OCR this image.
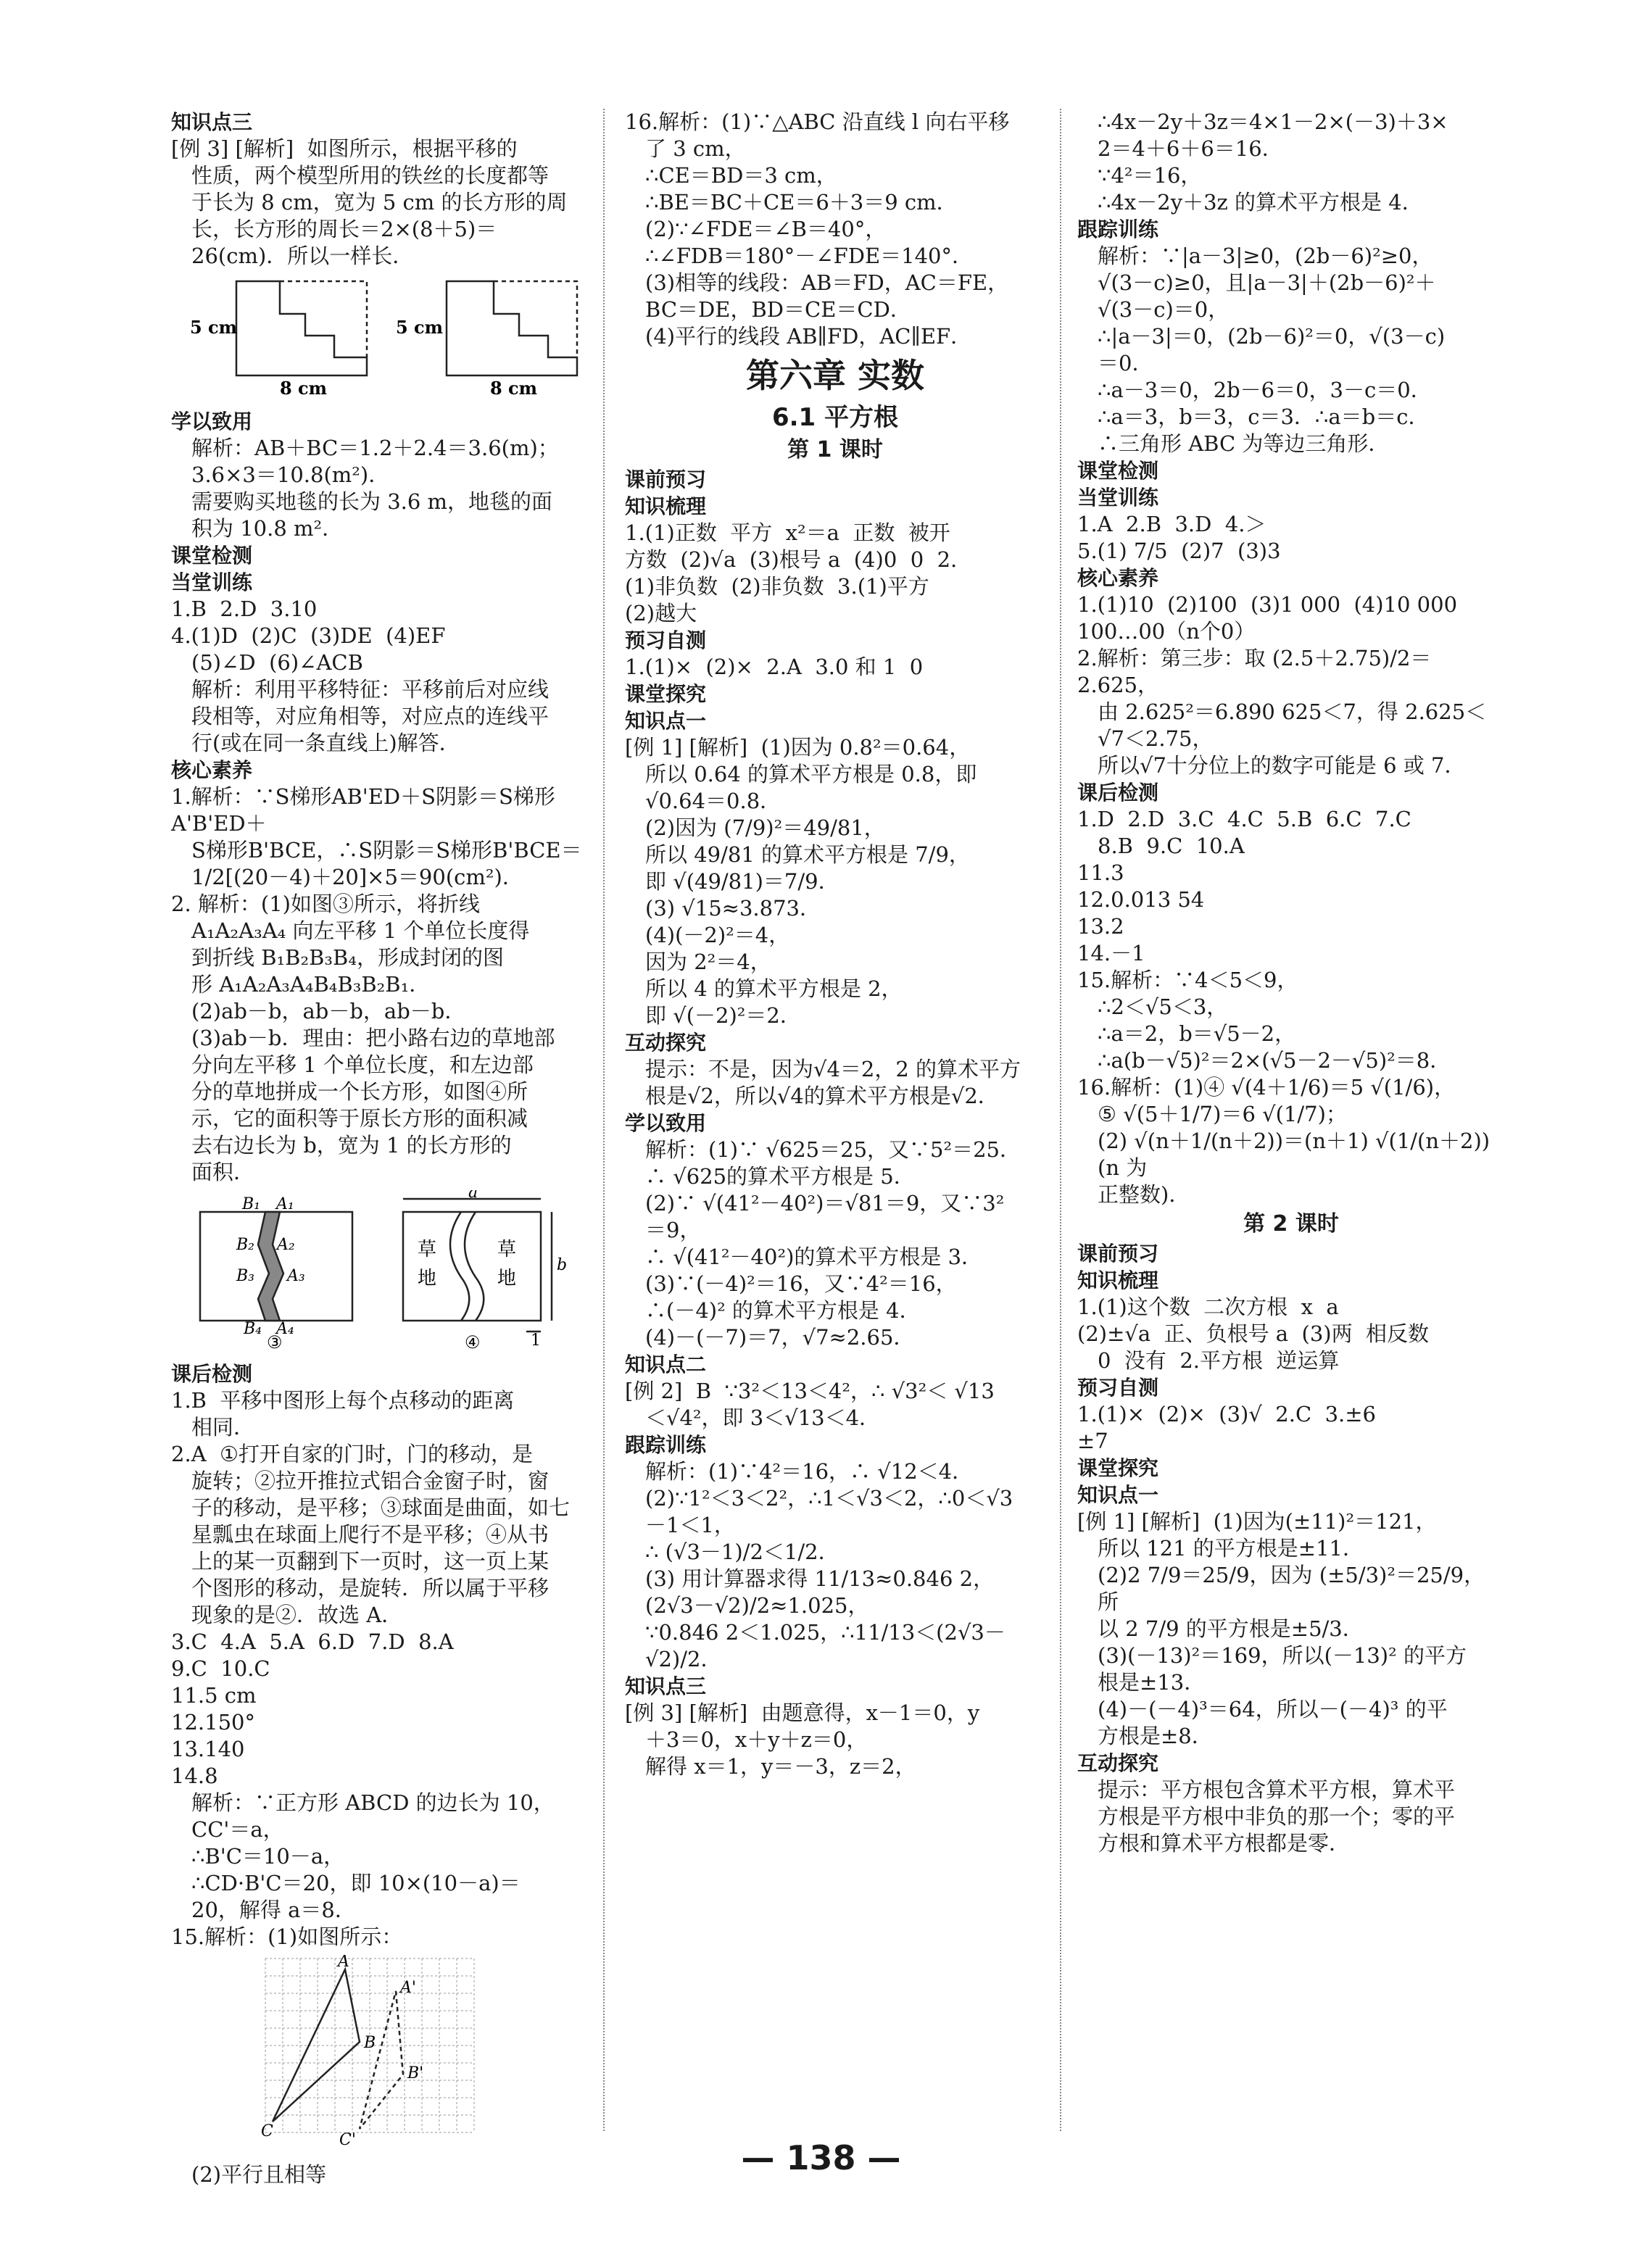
知识点三
[例 3] [解析]  如图所示，根据平移的
性质，两个模型所用的铁丝的长度都等
于长为 8 cm，宽为 5 cm 的长方形的周
长，长方形的周长＝2×(8＋5)＝
26(cm)．所以一样长．
5 cm
8 cm
5 cm
8 cm
学以致用
解析：AB＋BC＝1.2＋2.4＝3.6(m)；
3.6×3＝10.8(m²)．
需要购买地毯的长为 3.6 m，地毯的面
积为 10.8 m²．
课堂检测
当堂训练
1.B  2.D  3.10
4.(1)D  (2)C  (3)DE  (4)EF
(5)∠D  (6)∠ACB
解析：利用平移特征：平移前后对应线
段相等，对应角相等，对应点的连线平
行(或在同一条直线上)解答．
核心素养
1.解析：∵S梯形AB'ED＋S阴影＝S梯形A'B'ED＋
S梯形B'BCE，∴S阴影＝S梯形B'BCE＝
1/2[(20－4)＋20]×5＝90(cm²)．
2. 解析：(1)如图③所示，将折线
A₁A₂A₃A₄ 向左平移 1 个单位长度得
到折线 B₁B₂B₃B₄，形成封闭的图
形 A₁A₂A₃A₄B₄B₃B₂B₁．
(2)ab－b，ab－b，ab－b．
(3)ab－b．理由：把小路右边的草地部
分向左平移 1 个单位长度，和左边部
分的草地拼成一个长方形，如图④所
示，它的面积等于原长方形的面积减
去右边长为 b，宽为 1 的长方形的
面积．
B₁ A₁
B₂ A₂
B₃ A₃
B₄ A₄
③
a
b
1
草
地
草
地
④
课后检测
1.B  平移中图形上每个点移动的距离
相同．
2.A  ①打开自家的门时，门的移动，是
旋转；②拉开推拉式铝合金窗子时，窗
子的移动，是平移；③球面是曲面，如七
星瓢虫在球面上爬行不是平移；④从书
上的某一页翻到下一页时，这一页上某
个图形的移动，是旋转．所以属于平移
现象的是②．故选 A．
3.C  4.A  5.A  6.D  7.D  8.A
9.C  10.C
11.5 cm
12.150°
13.140
14.8
解析：∵正方形 ABCD 的边长为 10，
CC'＝a，
∴B'C＝10－a，
∴CD·B'C＝20，即 10×(10－a)＝
20，解得 a＝8．
15.解析：(1)如图所示：
A
B
C
A'
B'
C'
(2)平行且相等
16.解析：(1)∵△ABC 沿直线 l 向右平移
了 3 cm，
∴CE＝BD＝3 cm，
∴BE＝BC＋CE＝6＋3＝9 cm．
(2)∵∠FDE＝∠B＝40°，
∴∠FDB＝180°－∠FDE＝140°．
(3)相等的线段：AB＝FD，AC＝FE，
BC＝DE，BD＝CE＝CD．
(4)平行的线段 AB∥FD，AC∥EF．
第六章 实数
6.1 平方根
第 1 课时
课前预习
知识梳理
1.(1)正数  平方  x²＝a  正数  被开
方数  (2)√a  (3)根号 a  (4)0  0  2.
(1)非负数  (2)非负数  3.(1)平方
(2)越大
预习自测
1.(1)×  (2)×  2.A  3.0 和 1  0
课堂探究
知识点一
[例 1] [解析]  (1)因为 0.8²＝0.64，
所以 0.64 的算术平方根是 0.8，即
√0.64＝0.8．
(2)因为 (7/9)²＝49/81，
所以 49/81 的算术平方根是 7/9，
即 √(49/81)＝7/9．
(3) √15≈3.873．
(4)(－2)²＝4，
因为 2²＝4，
所以 4 的算术平方根是 2，
即 √(－2)²＝2．
互动探究
提示：不是，因为√4＝2，2 的算术平方
根是√2，所以√4的算术平方根是√2．
学以致用
解析：(1)∵ √625＝25，又∵5²＝25．
∴ √625的算术平方根是 5．
(2)∵ √(41²－40²)＝√81＝9，又∵3²
＝9，
∴ √(41²－40²)的算术平方根是 3．
(3)∵(－4)²＝16，又∵4²＝16，
∴(－4)² 的算术平方根是 4．
(4)－(－7)＝7，√7≈2.65．
知识点二
[例 2]  B  ∵3²＜13＜4²，∴ √3²＜ √13
＜√4²，即 3＜√13＜4．
跟踪训练
解析：(1)∵4²＝16，∴ √12＜4．
(2)∵1²＜3＜2²，∴1＜√3＜2，∴0＜√3
－1＜1，
∴ (√3－1)/2＜1/2．
(3) 用计算器求得 11/13≈0.846 2，
(2√3－√2)/2≈1.025，
∵0.846 2＜1.025，∴11/13＜(2√3－√2)/2．
知识点三
[例 3] [解析]  由题意得，x－1＝0，y
＋3＝0，x＋y＋z＝0，
解得 x＝1，y＝－3，z＝2，
∴4x－2y＋3z＝4×1－2×(－3)＋3×
2＝4＋6＋6＝16．
∵4²＝16，
∴4x－2y＋3z 的算术平方根是 4．
跟踪训练
解析：∵|a－3|≥0，(2b－6)²≥0，
√(3－c)≥0，且|a－3|＋(2b－6)²＋
√(3－c)＝0，
∴|a－3|＝0，(2b－6)²＝0，√(3－c)
＝0．
∴a－3＝0，2b－6＝0，3－c＝0．
∴a＝3，b＝3，c＝3．∴a＝b＝c．
∴三角形 ABC 为等边三角形．
课堂检测
当堂训练
1.A  2.B  3.D  4.＞
5.(1) 7/5  (2)7  (3)3
核心素养
1.(1)10  (2)100  (3)1 000  (4)10 000
100…00（n个0）
2.解析：第三步：取 (2.5＋2.75)/2＝2.625，
由 2.625²＝6.890 625＜7，得 2.625＜
√7＜2.75，
所以√7十分位上的数字可能是 6 或 7．
课后检测
1.D  2.D  3.C  4.C  5.B  6.C  7.C
8.B  9.C  10.A
11.3
12.0.013 54
13.2
14.－1
15.解析：∵4＜5＜9，
∴2＜√5＜3，
∴a＝2，b＝√5－2，
∴a(b－√5)²＝2×(√5－2－√5)²＝8．
16.解析：(1)④ √(4＋1/6)＝5 √(1/6)，
⑤ √(5＋1/7)＝6 √(1/7)；
(2) √(n＋1/(n＋2))＝(n＋1) √(1/(n＋2))(n 为
正整数)．
第 2 课时
课前预习
知识梳理
1.(1)这个数  二次方根  x  a
(2)±√a  正、负根号 a  (3)两  相反数
0  没有  2.平方根  逆运算
预习自测
1.(1)×  (2)×  (3)√  2.C  3.±6
±7
课堂探究
知识点一
[例 1] [解析]  (1)因为(±11)²＝121，
所以 121 的平方根是±11．
(2)2 7/9＝25/9，因为 (±5/3)²＝25/9，所
以 2 7/9 的平方根是±5/3．
(3)(－13)²＝169，所以(－13)² 的平方
根是±13．
(4)－(－4)³＝64，所以－(－4)³ 的平
方根是±8．
互动探究
提示：平方根包含算术平方根，算术平
方根是平方根中非负的那一个；零的平
方根和算术平方根都是零．
— 138 —
